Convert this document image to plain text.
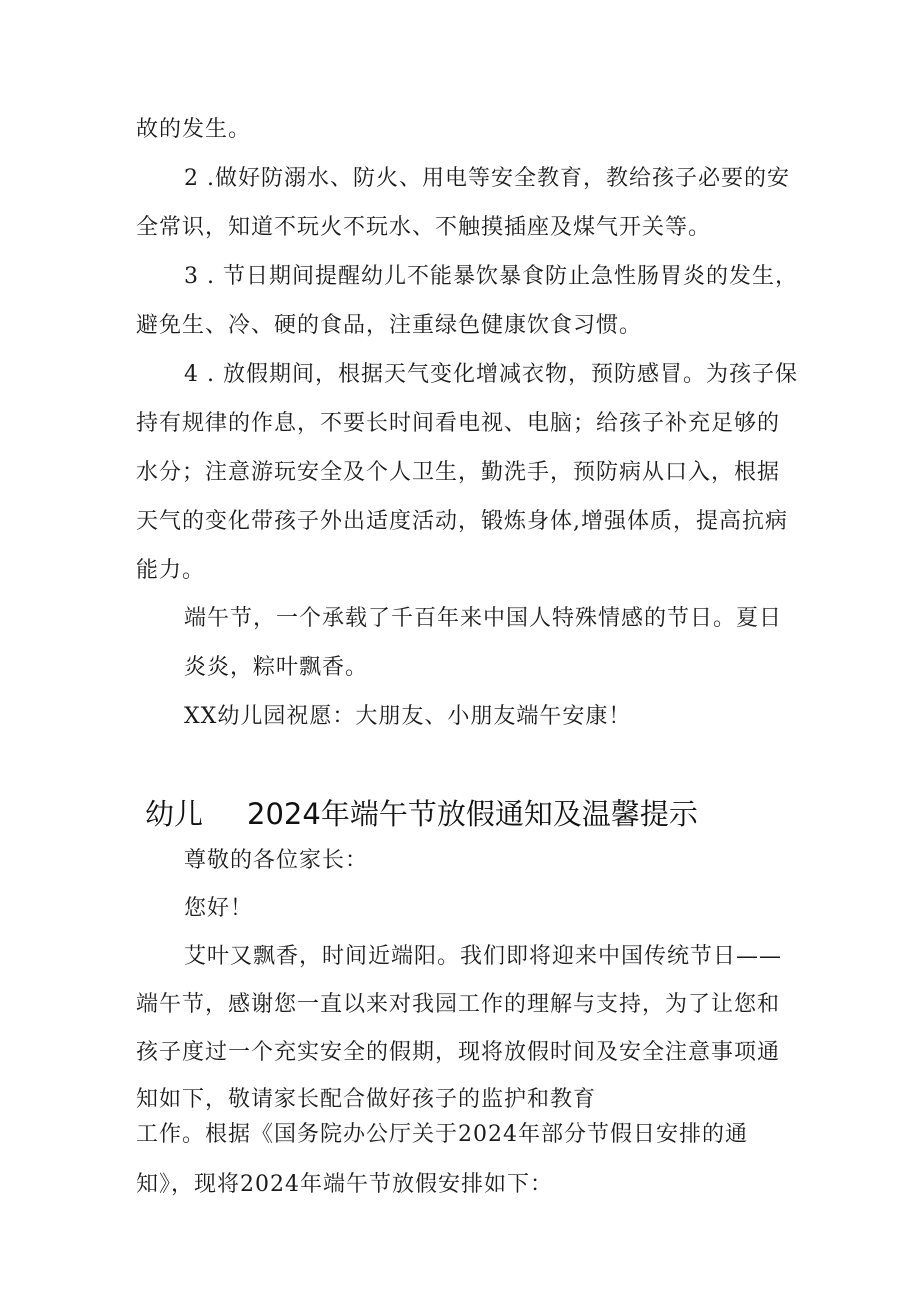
故的发生。
2 .做好防溺水、防火、用电等安全教育，教给孩子必要的安
全常识，知道不玩火不玩水、不触摸插座及煤气开关等。
3 . 节日期间提醒幼儿不能暴饮暴食防止急性肠胃炎的发生，
避免生、冷、硬的食品，注重绿色健康饮食习惯。
4 . 放假期间，根据天气变化增减衣物，预防感冒。为孩子保
持有规律的作息，不要长时间看电视、电脑；给孩子补充足够的
水分；注意游玩安全及个人卫生，勤洗手，预防病从口入，根据
天气的变化带孩子外出适度活动，锻炼身体,增强体质，提高抗病
能力。
端午节，一个承载了千百年来中国人特殊情感的节日。夏日
炎炎，粽叶飘香。
XX幼儿园祝愿：大朋友、小朋友端午安康！
幼儿 2024年端午节放假通知及温馨提示
尊敬的各位家长：
您好！
艾叶又飘香，时间近端阳。我们即将迎来中国传统节日——
端午节，感谢您一直以来对我园工作的理解与支持，为了让您和
孩子度过一个充实安全的假期，现将放假时间及安全注意事项通
知如下，敬请家长配合做好孩子的监护和教育
工作。根据《国务院办公厅关于2024年部分节假日安排的通
知》，现将2024年端午节放假安排如下：
